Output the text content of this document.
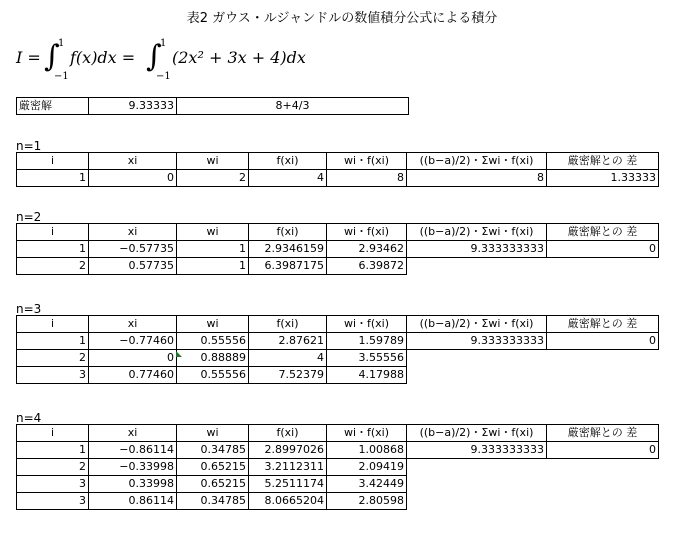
表2 ガウス・ルジャンドルの数値積分公式による積分
I = ∫
1
−1
f(x)dx = ∫
1
−1
(2x² + 3x + 4)dx
厳密解	9.33333	8+4/3
n=1
i	xi	wi	f(xi)	wi・f(xi)	((b−a)/2)・Σwi・f(xi)	厳密解との 差
1	0	2	4	8	8	1.33333
n=2
i	xi	wi	f(xi)	wi・f(xi)	((b−a)/2)・Σwi・f(xi)	厳密解との 差
1	−0.57735	1	2.9346159	2.93462	9.333333333	0
2	0.57735	1	6.3987175	6.39872		
n=3
i	xi	wi	f(xi)	wi・f(xi)	((b−a)/2)・Σwi・f(xi)	厳密解との 差
1	−0.77460	0.55556	2.87621	1.59789	9.333333333	0
2	0	0.88889	4	3.55556		
3	0.77460	0.55556	7.52379	4.17988		
n=4
i	xi	wi	f(xi)	wi・f(xi)	((b−a)/2)・Σwi・f(xi)	厳密解との 差
1	−0.86114	0.34785	2.8997026	1.00868	9.333333333	0
2	−0.33998	0.65215	3.2112311	2.09419		
3	0.33998	0.65215	5.2511174	3.42449		
3	0.86114	0.34785	8.0665204	2.80598		
